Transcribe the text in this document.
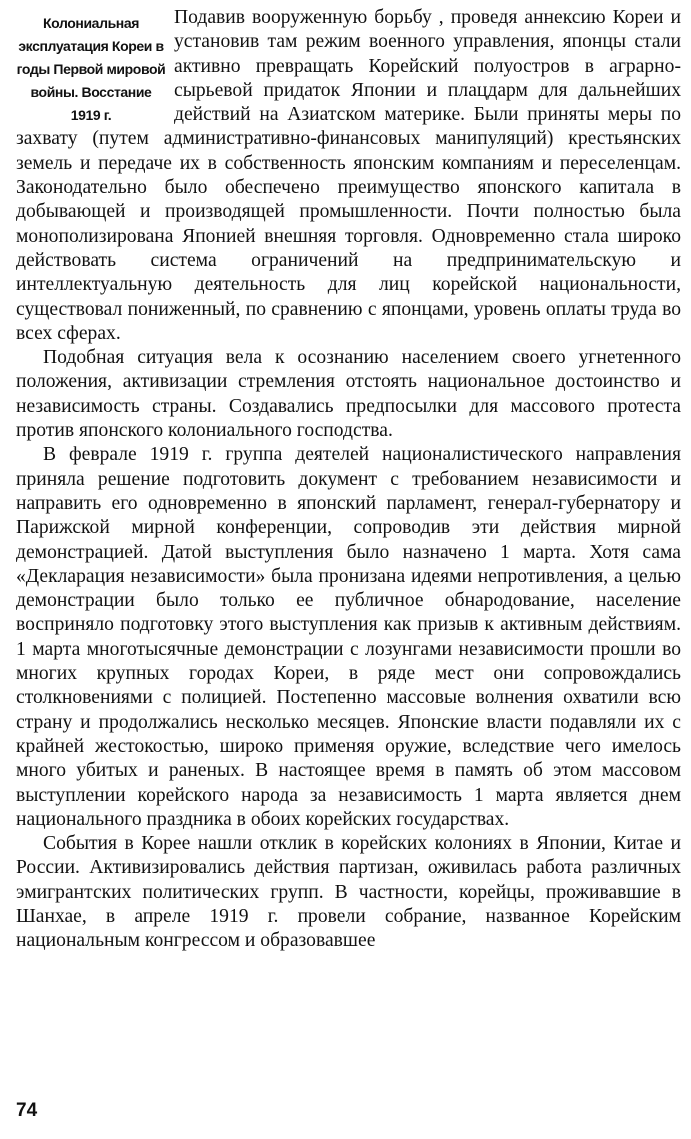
Колониальная эксплуатация Кореи в годы Первой мировой войны. Восстание 1919 г.

Подавив вооруженную борьбу , проведя аннексию Кореи и установив там режим военного управления, японцы стали активно превращать Корейский полуостров в аграрно-сырьевой придаток Японии и плацдарм для дальнейших действий на Азиатском материке. Были приняты меры по захвату (путем административно-финансовых манипуляций) крестьянских земель и передаче их в собственность японским компаниям и переселенцам. Законодательно было обеспечено преимущество японского капитала в добывающей и производящей промышленности. Почти полностью была монополизирована Японией внешняя торговля. Одновременно стала широко действовать система ограничений на предпринимательскую и интеллектуальную деятельность для лиц корейской национальности, существовал пониженный, по сравнению с японцами, уровень оплаты труда во всех сферах.

Подобная ситуация вела к осознанию населением своего угнетенного положения, активизации стремления отстоять национальное достоинство и независимость страны. Создавались предпосылки для массового протеста против японского колониального господства.

В феврале 1919 г. группа деятелей националистического направления приняла решение подготовить документ с требованием независимости и направить его одновременно в японский парламент, генерал-губернатору и Парижской мирной конференции, сопроводив эти действия мирной демонстрацией. Датой выступления было назначено 1 марта. Хотя сама «Декларация независимости» была пронизана идеями непротивления, а целью демонстрации было только ее публичное обнародование, население восприняло подготовку этого выступления как призыв к активным действиям. 1 марта многотысячные демонстрации с лозунгами независимости прошли во многих крупных городах Кореи, в ряде мест они сопровождались столкновениями с полицией. Постепенно массовые волнения охватили всю страну и продолжались несколько месяцев. Японские власти подавляли их с крайней жестокостью, широко применяя оружие, вследствие чего имелось много убитых и раненых. В настоящее время в память об этом массовом выступлении корейского народа за независимость 1 марта является днем национального праздника в обоих корейских государствах.

События в Корее нашли отклик в корейских колониях в Японии, Китае и России. Активизировались действия партизан, оживилась работа различных эмигрантских политических групп. В частности, корейцы, проживавшие в Шанхае, в апреле 1919 г. провели собрание, названное Корейским национальным конгрессом и образовавшее

74
